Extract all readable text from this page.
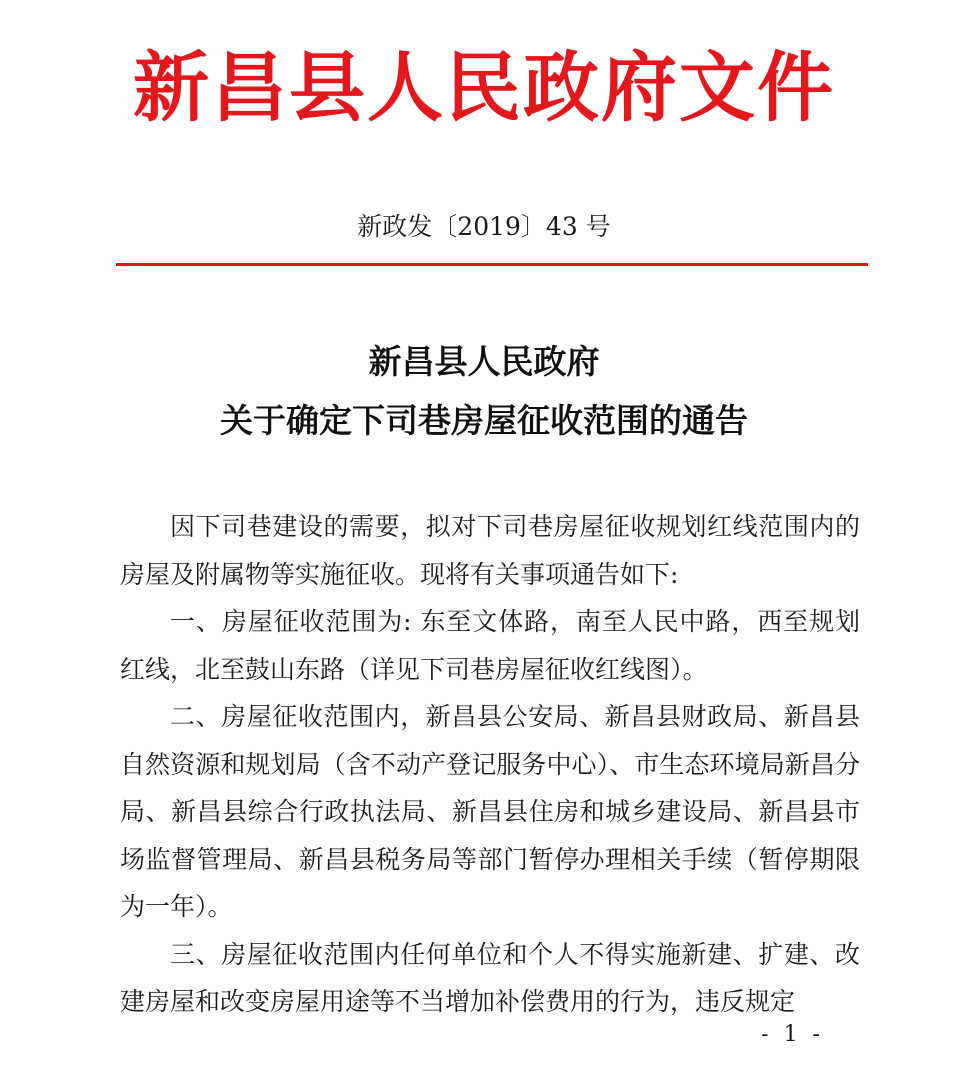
新昌县人民政府文件
新政发〔2019〕43 号
新昌县人民政府
关于确定下司巷房屋征收范围的通告

因下司巷建设的需要，拟对下司巷房屋征收规划红线范围内的房屋及附属物等实施征收。现将有关事项通告如下:

一、房屋征收范围为: 东至文体路，南至人民中路，西至规划红线，北至鼓山东路（详见下司巷房屋征收红线图）。

二、房屋征收范围内，新昌县公安局、新昌县财政局、新昌县自然资源和规划局（含不动产登记服务中心）、市生态环境局新昌分局、新昌县综合行政执法局、新昌县住房和城乡建设局、新昌县市场监督管理局、新昌县税务局等部门暂停办理相关手续（暂停期限为一年）。

三、房屋征收范围内任何单位和个人不得实施新建、扩建、改建房屋和改变房屋用途等不当增加补偿费用的行为，违反规定

- 1 -
